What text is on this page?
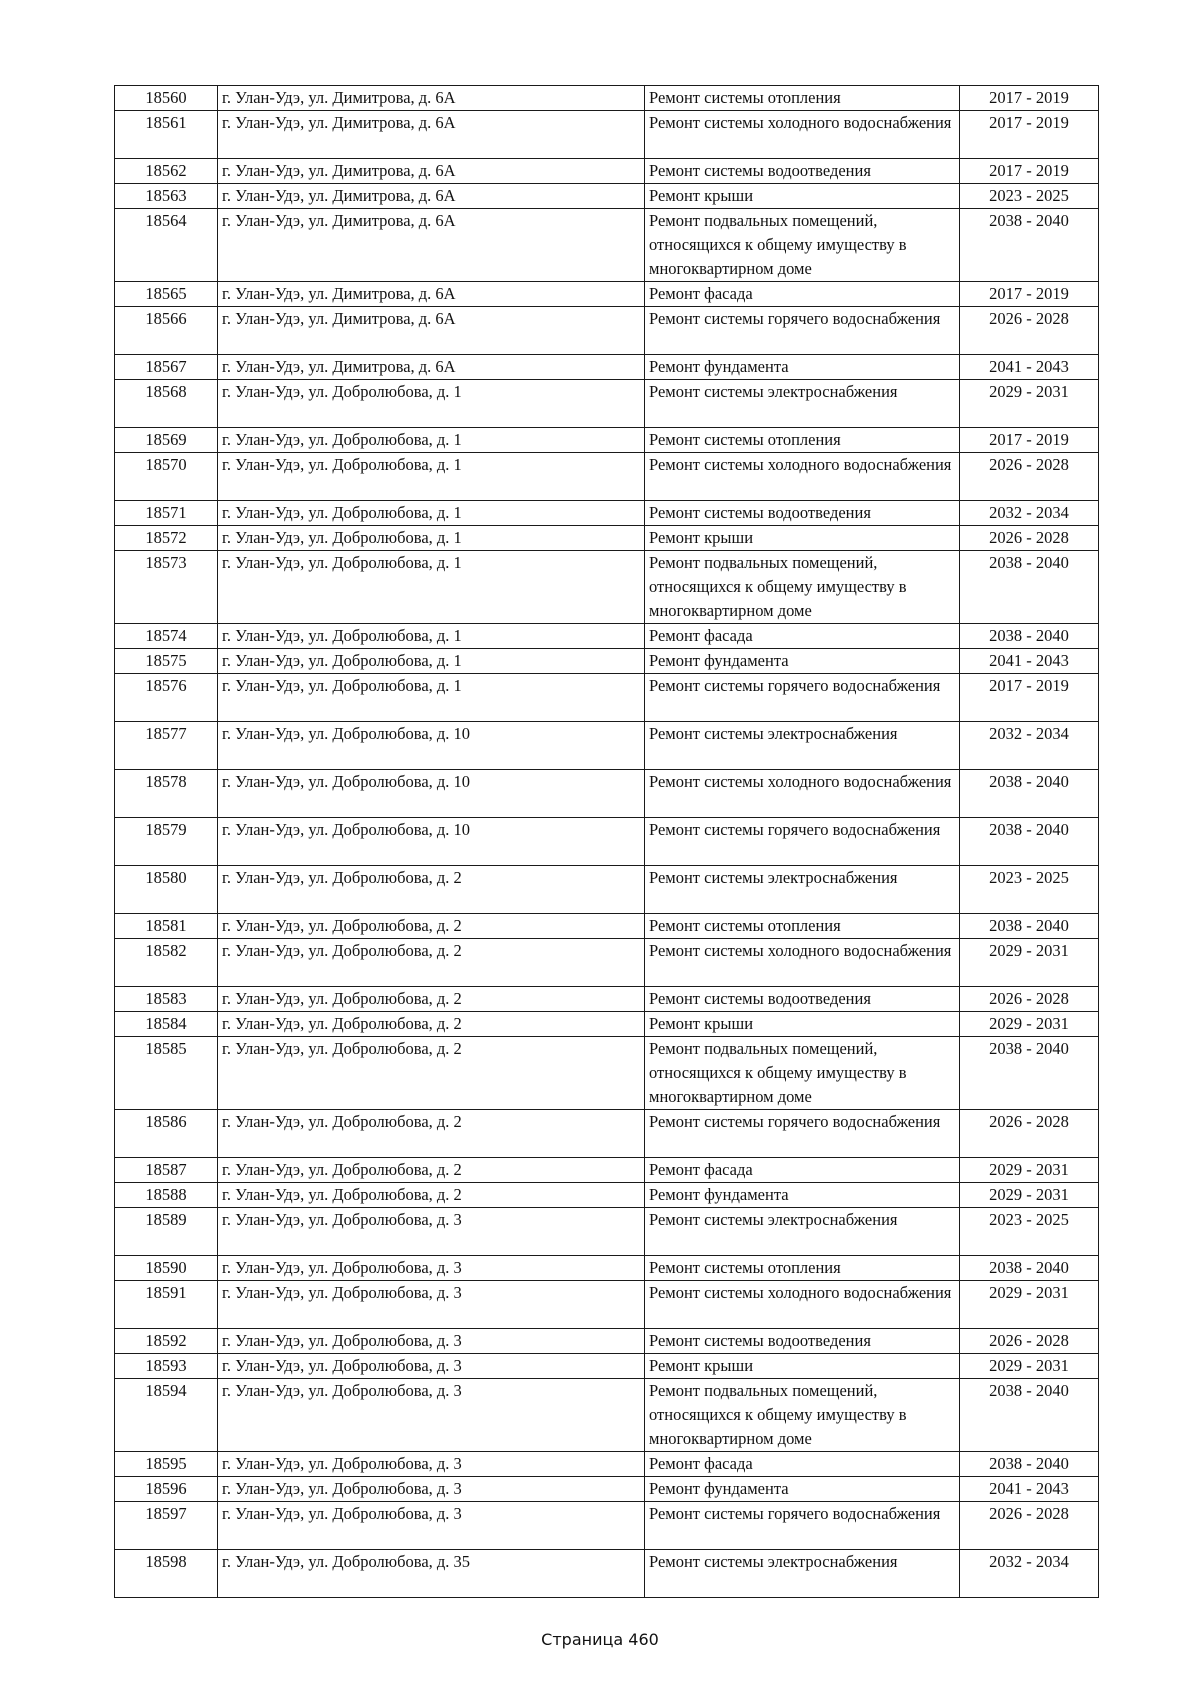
18560	г. Улан-Удэ, ул. Димитрова, д. 6А	Ремонт системы отопления	2017 - 2019
18561	г. Улан-Удэ, ул. Димитрова, д. 6А	Ремонт системы холодного водоснабжения	2017 - 2019
18562	г. Улан-Удэ, ул. Димитрова, д. 6А	Ремонт системы водоотведения	2017 - 2019
18563	г. Улан-Удэ, ул. Димитрова, д. 6А	Ремонт крыши	2023 - 2025
18564	г. Улан-Удэ, ул. Димитрова, д. 6А	Ремонт подвальных помещений, относящихся к общему имуществу в многоквартирном доме	2038 - 2040
18565	г. Улан-Удэ, ул. Димитрова, д. 6А	Ремонт фасада	2017 - 2019
18566	г. Улан-Удэ, ул. Димитрова, д. 6А	Ремонт системы горячего водоснабжения	2026 - 2028
18567	г. Улан-Удэ, ул. Димитрова, д. 6А	Ремонт фундамента	2041 - 2043
18568	г. Улан-Удэ, ул. Добролюбова, д. 1	Ремонт системы электроснабжения	2029 - 2031
18569	г. Улан-Удэ, ул. Добролюбова, д. 1	Ремонт системы отопления	2017 - 2019
18570	г. Улан-Удэ, ул. Добролюбова, д. 1	Ремонт системы холодного водоснабжения	2026 - 2028
18571	г. Улан-Удэ, ул. Добролюбова, д. 1	Ремонт системы водоотведения	2032 - 2034
18572	г. Улан-Удэ, ул. Добролюбова, д. 1	Ремонт крыши	2026 - 2028
18573	г. Улан-Удэ, ул. Добролюбова, д. 1	Ремонт подвальных помещений, относящихся к общему имуществу в многоквартирном доме	2038 - 2040
18574	г. Улан-Удэ, ул. Добролюбова, д. 1	Ремонт фасада	2038 - 2040
18575	г. Улан-Удэ, ул. Добролюбова, д. 1	Ремонт фундамента	2041 - 2043
18576	г. Улан-Удэ, ул. Добролюбова, д. 1	Ремонт системы горячего водоснабжения	2017 - 2019
18577	г. Улан-Удэ, ул. Добролюбова, д. 10	Ремонт системы электроснабжения	2032 - 2034
18578	г. Улан-Удэ, ул. Добролюбова, д. 10	Ремонт системы холодного водоснабжения	2038 - 2040
18579	г. Улан-Удэ, ул. Добролюбова, д. 10	Ремонт системы горячего водоснабжения	2038 - 2040
18580	г. Улан-Удэ, ул. Добролюбова, д. 2	Ремонт системы электроснабжения	2023 - 2025
18581	г. Улан-Удэ, ул. Добролюбова, д. 2	Ремонт системы отопления	2038 - 2040
18582	г. Улан-Удэ, ул. Добролюбова, д. 2	Ремонт системы холодного водоснабжения	2029 - 2031
18583	г. Улан-Удэ, ул. Добролюбова, д. 2	Ремонт системы водоотведения	2026 - 2028
18584	г. Улан-Удэ, ул. Добролюбова, д. 2	Ремонт крыши	2029 - 2031
18585	г. Улан-Удэ, ул. Добролюбова, д. 2	Ремонт подвальных помещений, относящихся к общему имуществу в многоквартирном доме	2038 - 2040
18586	г. Улан-Удэ, ул. Добролюбова, д. 2	Ремонт системы горячего водоснабжения	2026 - 2028
18587	г. Улан-Удэ, ул. Добролюбова, д. 2	Ремонт фасада	2029 - 2031
18588	г. Улан-Удэ, ул. Добролюбова, д. 2	Ремонт фундамента	2029 - 2031
18589	г. Улан-Удэ, ул. Добролюбова, д. 3	Ремонт системы электроснабжения	2023 - 2025
18590	г. Улан-Удэ, ул. Добролюбова, д. 3	Ремонт системы отопления	2038 - 2040
18591	г. Улан-Удэ, ул. Добролюбова, д. 3	Ремонт системы холодного водоснабжения	2029 - 2031
18592	г. Улан-Удэ, ул. Добролюбова, д. 3	Ремонт системы водоотведения	2026 - 2028
18593	г. Улан-Удэ, ул. Добролюбова, д. 3	Ремонт крыши	2029 - 2031
18594	г. Улан-Удэ, ул. Добролюбова, д. 3	Ремонт подвальных помещений, относящихся к общему имуществу в многоквартирном доме	2038 - 2040
18595	г. Улан-Удэ, ул. Добролюбова, д. 3	Ремонт фасада	2038 - 2040
18596	г. Улан-Удэ, ул. Добролюбова, д. 3	Ремонт фундамента	2041 - 2043
18597	г. Улан-Удэ, ул. Добролюбова, д. 3	Ремонт системы горячего водоснабжения	2026 - 2028
18598	г. Улан-Удэ, ул. Добролюбова, д. 35	Ремонт системы электроснабжения	2032 - 2034
Страница 460
